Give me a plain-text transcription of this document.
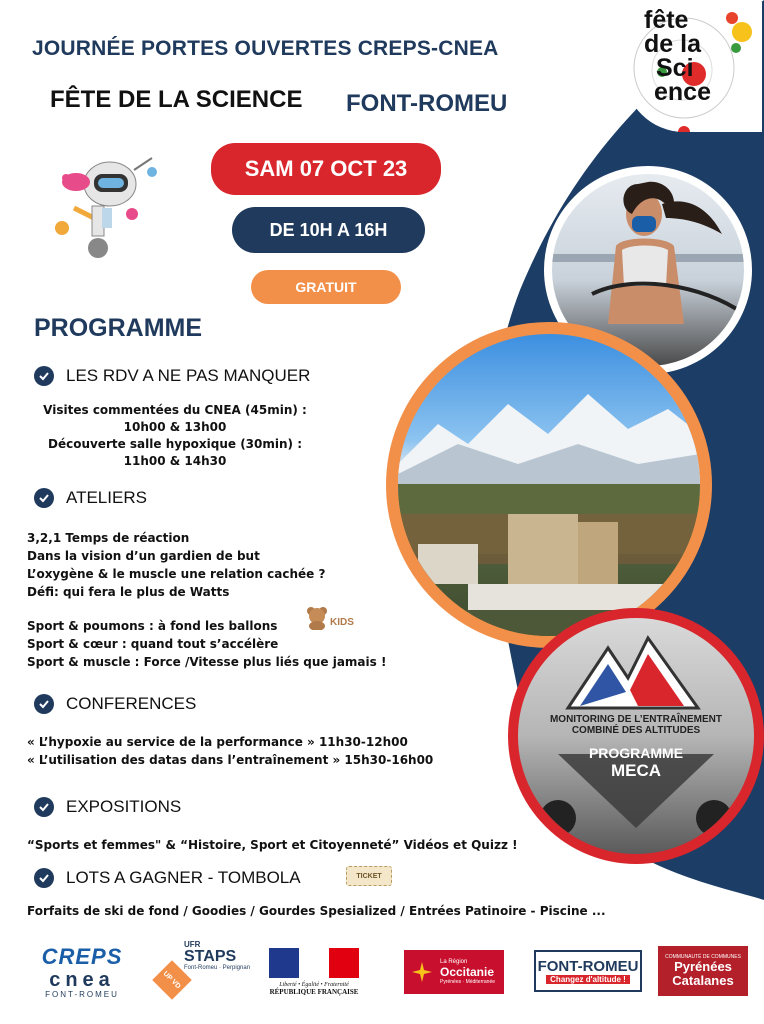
JOURNÉE PORTES OUVERTES CREPS-CNEA
FÊTE DE LA SCIENCE FONT-ROMEU
fête
de la
Sci
ence
SAM 07 OCT 23
DE 10H A 16H
GRATUIT
MONITORING DE L’ENTRAÎNEMENT
COMBINÉ DES ALTITUDES
PROGRAMME
MECA
PROGRAMME
LES RDV A NE PAS MANQUER
Visites commentées du CNEA (45min) :
10h00 & 13h00
Découverte salle hypoxique (30min) :
11h00 & 14h30
ATELIERS
3,2,1 Temps de réaction
Dans la vision d’un gardien de but
L’oxygène & le muscle une relation cachée ?
Défi: qui fera le plus de Watts
Sport & poumons : à fond les ballons
Sport & cœur : quand tout s’accélère
Sport & muscle : Force /Vitesse plus liés que jamais !
KIDS
CONFERENCES
« L’hypoxie au service de la performance » 11h30-12h00
« L’utilisation des datas dans l’entraînement » 15h30-16h00
EXPOSITIONS
“Sports et femmes" & “Histoire, Sport et Citoyenneté” Vidéos et Quizz !
LOTS A GAGNER - TOMBOLA	TICKET
Forfaits de ski de fond / Goodies / Gourdes Spesialized / Entrées Patinoire - Piscine ...
CREPS
cnea
FONT-ROMEU
UP VD
UFR
STAPS
Font-Romeu · Perpignan
Liberté • Égalité • Fraternité
RÉPUBLIQUE FRANÇAISE
La Région
Occitanie
Pyrénées · Méditerranée
FONT-ROMEU
Changez d'altitude !
COMMUNAUTÉ DE COMMUNES
Pyrénées
Catalanes
